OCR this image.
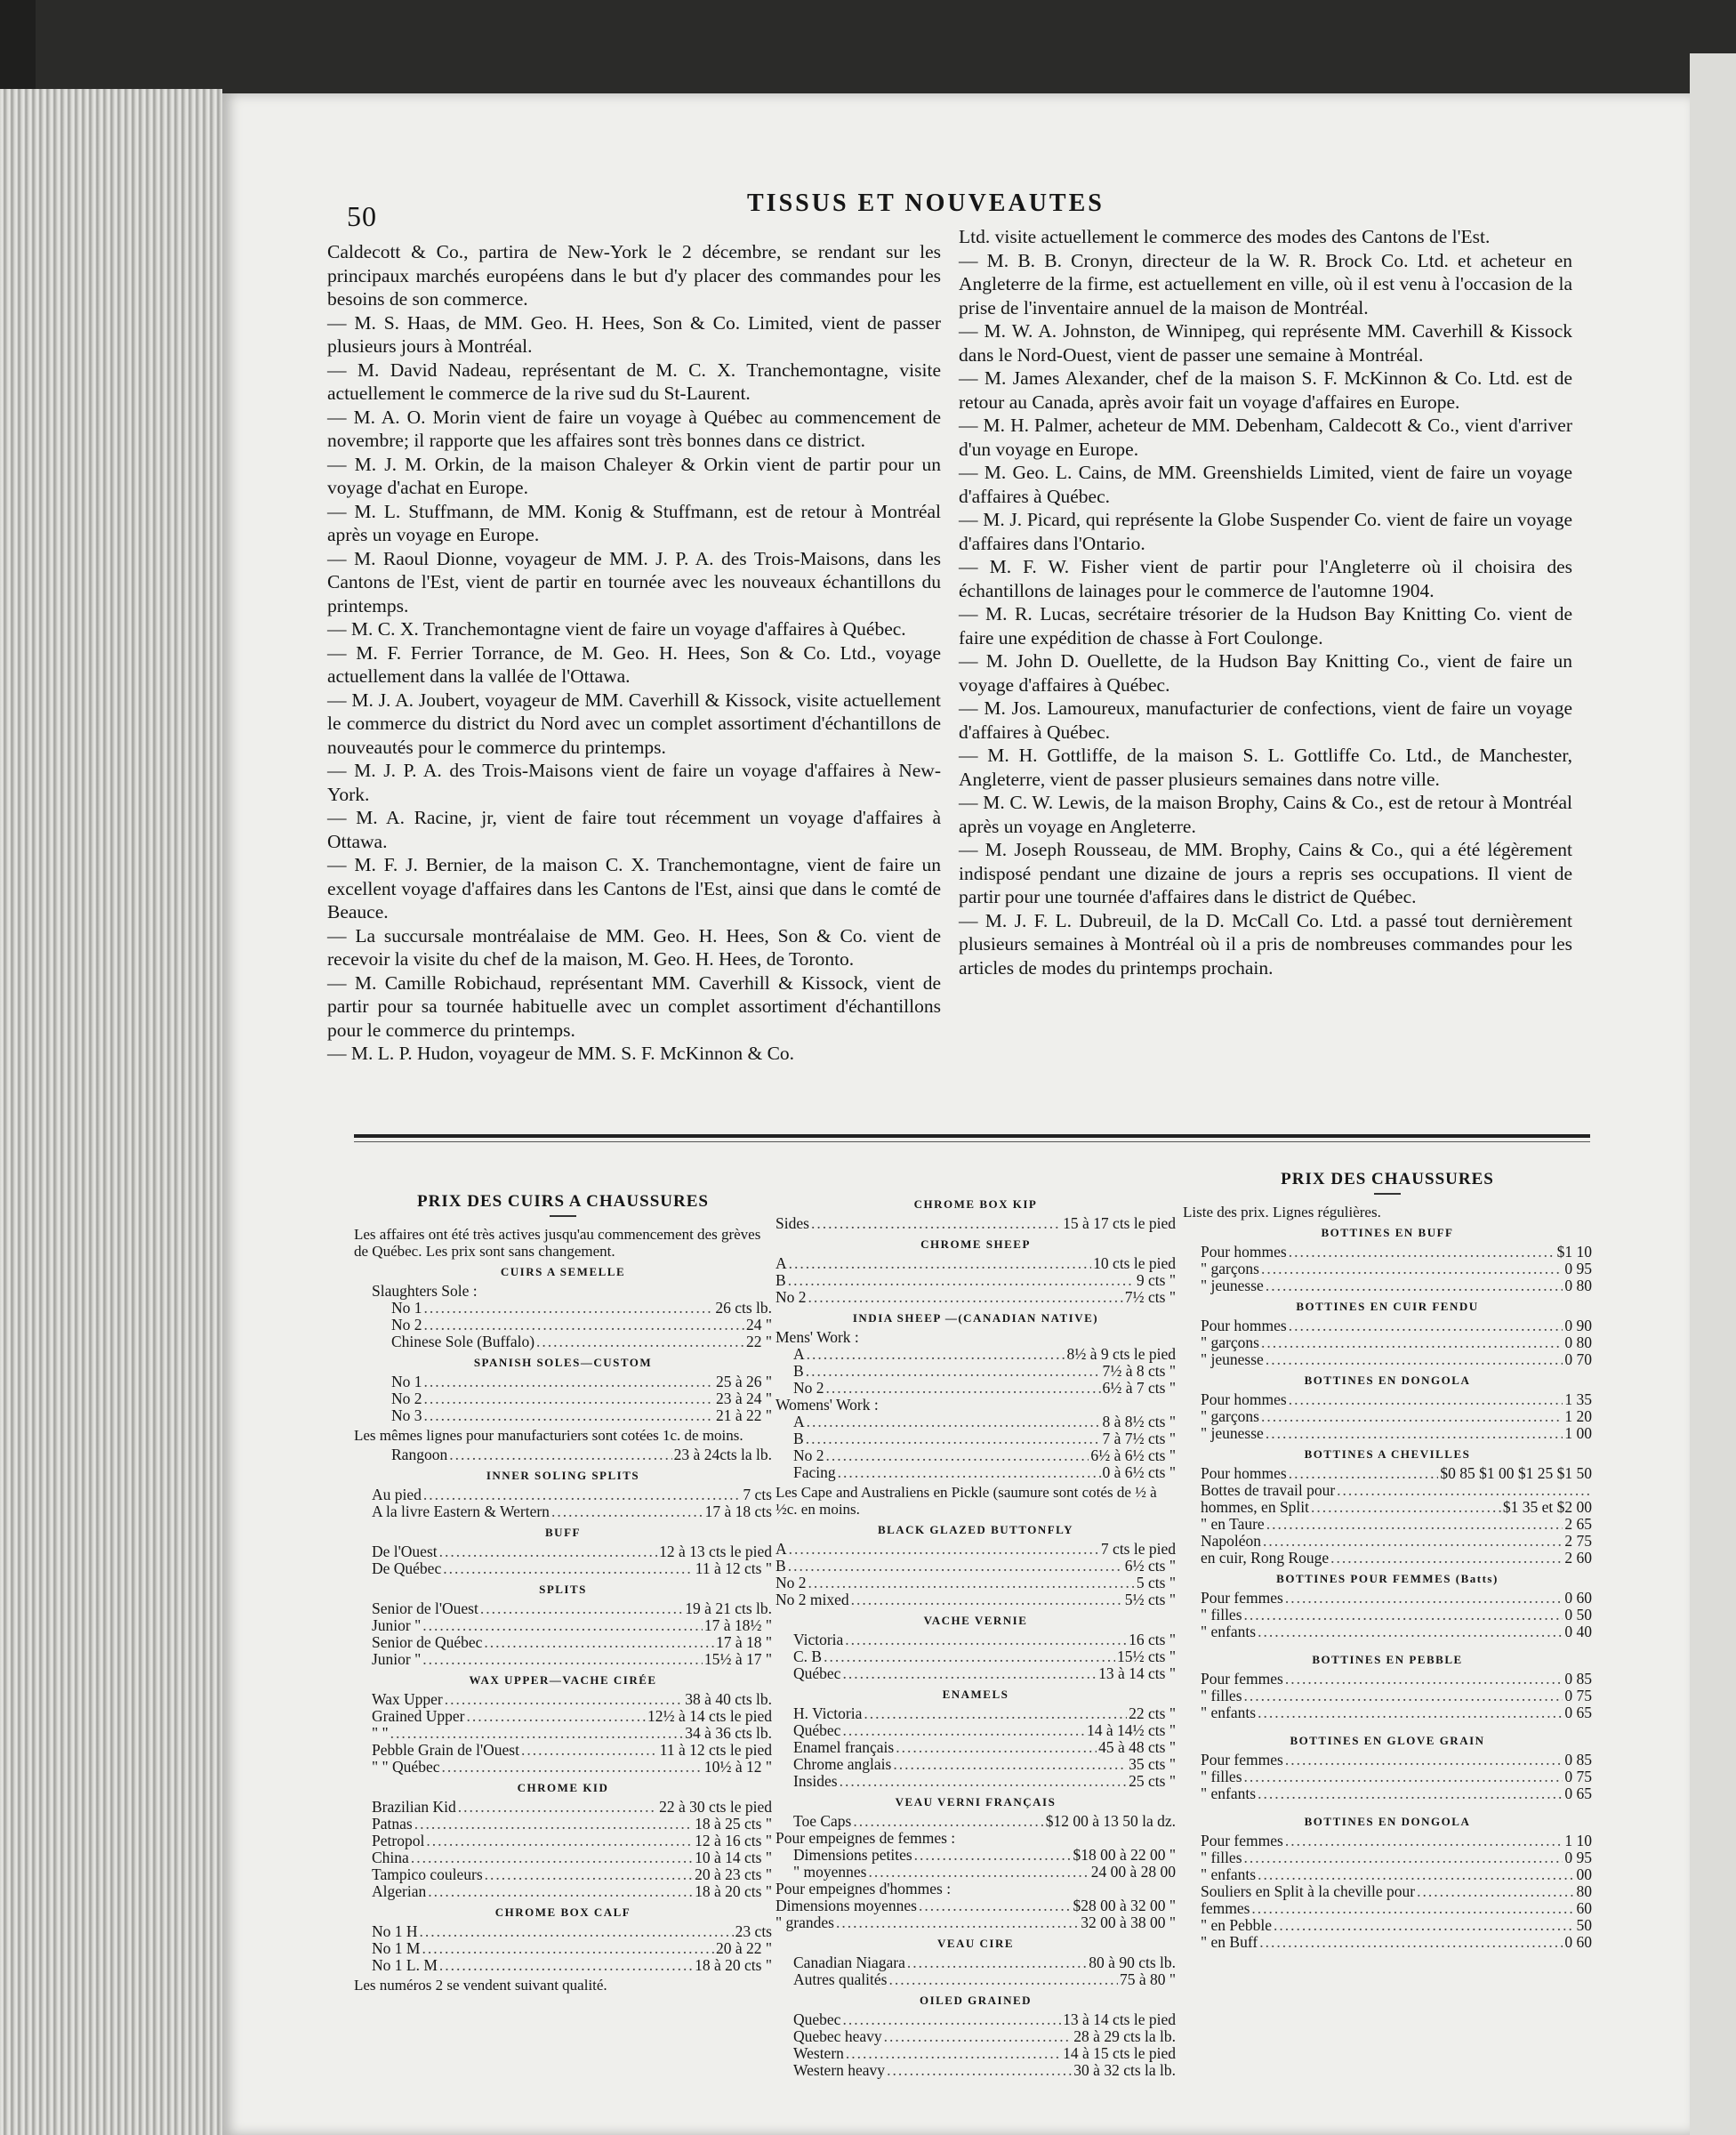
50	TISSUS ET NOUVEAUTES

Caldecott & Co., partira de New-York le 2 décembre, se rendant sur les principaux marchés européens dans le but d'y placer des commandes pour les besoins de son commerce.

— M. S. Haas, de MM. Geo. H. Hees, Son & Co. Limited, vient de passer plusieurs jours à Montréal.

— M. David Nadeau, représentant de M. C. X. Tranchemontagne, visite actuellement le commerce de la rive sud du St-Laurent.

— M. A. O. Morin vient de faire un voyage à Québec au commencement de novembre; il rapporte que les affaires sont très bonnes dans ce district.

— M. J. M. Orkin, de la maison Chaleyer & Orkin vient de partir pour un voyage d'achat en Europe.

— M. L. Stuffmann, de MM. Konig & Stuffmann, est de retour à Montréal après un voyage en Europe.

— M. Raoul Dionne, voyageur de MM. J. P. A. des Trois-Maisons, dans les Cantons de l'Est, vient de partir en tournée avec les nouveaux échantillons du printemps.

— M. C. X. Tranchemontagne vient de faire un voyage d'affaires à Québec.

— M. F. Ferrier Torrance, de M. Geo. H. Hees, Son & Co. Ltd., voyage actuellement dans la vallée de l'Ottawa.

— M. J. A. Joubert, voyageur de MM. Caverhill & Kissock, visite actuellement le commerce du district du Nord avec un complet assortiment d'échantillons de nouveautés pour le commerce du printemps.

— M. J. P. A. des Trois-Maisons vient de faire un voyage d'affaires à New-York.

— M. A. Racine, jr, vient de faire tout récemment un voyage d'affaires à Ottawa.

— M. F. J. Bernier, de la maison C. X. Tranchemontagne, vient de faire un excellent voyage d'affaires dans les Cantons de l'Est, ainsi que dans le comté de Beauce.

— La succursale montréalaise de MM. Geo. H. Hees, Son & Co. vient de recevoir la visite du chef de la maison, M. Geo. H. Hees, de Toronto.

— M. Camille Robichaud, représentant MM. Caverhill & Kissock, vient de partir pour sa tournée habituelle avec un complet assortiment d'échantillons pour le commerce du printemps.

— M. L. P. Hudon, voyageur de MM. S. F. McKinnon & Co.

Ltd. visite actuellement le commerce des modes des Cantons de l'Est.

— M. B. B. Cronyn, directeur de la W. R. Brock Co. Ltd. et acheteur en Angleterre de la firme, est actuellement en ville, où il est venu à l'occasion de la prise de l'inventaire annuel de la maison de Montréal.

— M. W. A. Johnston, de Winnipeg, qui représente MM. Caverhill & Kissock dans le Nord-Ouest, vient de passer une semaine à Montréal.

— M. James Alexander, chef de la maison S. F. McKinnon & Co. Ltd. est de retour au Canada, après avoir fait un voyage d'affaires en Europe.

— M. H. Palmer, acheteur de MM. Debenham, Caldecott & Co., vient d'arriver d'un voyage en Europe.

— M. Geo. L. Cains, de MM. Greenshields Limited, vient de faire un voyage d'affaires à Québec.

— M. J. Picard, qui représente la Globe Suspender Co. vient de faire un voyage d'affaires dans l'Ontario.

— M. F. W. Fisher vient de partir pour l'Angleterre où il choisira des échantillons de lainages pour le commerce de l'automne 1904.

— M. R. Lucas, secrétaire trésorier de la Hudson Bay Knitting Co. vient de faire une expédition de chasse à Fort Coulonge.

— M. John D. Ouellette, de la Hudson Bay Knitting Co., vient de faire un voyage d'affaires à Québec.

— M. Jos. Lamoureux, manufacturier de confections, vient de faire un voyage d'affaires à Québec.

— M. H. Gottliffe, de la maison S. L. Gottliffe Co. Ltd., de Manchester, Angleterre, vient de passer plusieurs semaines dans notre ville.

— M. C. W. Lewis, de la maison Brophy, Cains & Co., est de retour à Montréal après un voyage en Angleterre.

— M. Joseph Rousseau, de MM. Brophy, Cains & Co., qui a été légèrement indisposé pendant une dizaine de jours a repris ses occupations. Il vient de partir pour une tournée d'affaires dans le district de Québec.

— M. J. F. L. Dubreuil, de la D. McCall Co. Ltd. a passé tout dernièrement plusieurs semaines à Montréal où il a pris de nombreuses commandes pour les articles de modes du printemps prochain.

PRIX DES CUIRS A CHAUSSURES
Les affaires ont été très actives jusqu'au commencement des grèves de Québec. Les prix sont sans changement.
CUIRS A SEMELLE
Slaughters Sole :
No 1 .....	26 cts lb.
No 2 .....	24 "
Chinese Sole (Buffalo) .....	22 "
SPANISH SOLES—CUSTOM
No 1 .....	25 à 26 "
No 2 .....	23 à 24 "
No 3 .....	21 à 22 "
Les mêmes lignes pour manufacturiers sont cotées 1c. de moins.
Rangoon .....	23 à 24cts la lb.
INNER SOLING SPLITS
Au pied .....	7 cts
A la livre Eastern & Wertern .....	17 à 18 cts
BUFF
De l'Ouest .....	12 à 13 cts le pied
De Québec .....	11 à 12 cts "
SPLITS
Senior de l'Ouest .....	19 à 21 cts lb.
Junior " .....	17 à 18½ "
Senior de Québec .....	17 à 18 "
Junior " .....	15½ à 17 "
WAX UPPER—VACHE CIRÉE
Wax Upper .....	38 à 40 cts lb.
Grained Upper .....	12½ à 14 cts le pied
" " .....	34 à 36 cts lb.
Pebble Grain de l'Ouest .....	11 à 12 cts le pied
" " Québec .....	10½ à 12 "
CHROME KID
Brazilian Kid .....	22 à 30 cts le pied
Patnas .....	18 à 25 cts "
Petropol .....	12 à 16 cts "
China .....	10 à 14 cts "
Tampico couleurs .....	20 à 23 cts "
Algerian .....	18 à 20 cts "
CHROME BOX CALF
No 1 H .....	23 cts
No 1 M .....	20 à 22 "
No 1 L. M .....	18 à 20 cts "
Les numéros 2 se vendent suivant qualité.
CHROME BOX KIP
Sides .....	15 à 17 cts le pied
CHROME SHEEP
A .....	10 cts le pied
B .....	9 cts "
No 2 .....	7½ cts "
INDIA SHEEP —(CANADIAN NATIVE)
Mens' Work :
A .....	8½ à 9 cts le pied
B .....	7½ à 8 cts "
No 2 .....	6½ à 7 cts "
Womens' Work :
A .....	8 à 8½ cts "
B .....	7 à 7½ cts "
No 2 .....	6½ à 6½ cts "
Facing .....	0 à 6½ cts "
Les Cape and Australiens en Pickle (saumure sont cotés de ½ à ½c. en moins.
BLACK GLAZED BUTTONFLY
A .....	7 cts le pied
B .....	6½ cts "
No 2 .....	5 cts "
No 2 mixed .....	5½ cts "
VACHE VERNIE
Victoria .....	16 cts "
C. B .....	15½ cts "
Québec .....	13 à 14 cts "
ENAMELS
H. Victoria .....	22 cts "
Québec .....	14 à 14½ cts "
Enamel français .....	45 à 48 cts "
Chrome anglais .....	35 cts "
Insides .....	25 cts "
VEAU VERNI FRANÇAIS
Toe Caps .....	$12 00 à 13 50 la dz.
Pour empeignes de femmes :
Dimensions petites .....	$18 00 à 22 00 "
" moyennes .....	24 00 à 28 00
Pour empeignes d'hommes :
Dimensions moyennes .....	$28 00 à 32 00 "
" grandes .....	32 00 à 38 00 "
VEAU CIRE
Canadian Niagara .....	80 à 90 cts lb.
Autres qualités .....	75 à 80 "
OILED GRAINED
Quebec .....	13 à 14 cts le pied
Quebec heavy .....	28 à 29 cts la lb.
Western .....	14 à 15 cts le pied
Western heavy .....	30 à 32 cts la lb.
PRIX DES CHAUSSURES
Liste des prix. Lignes régulières.
BOTTINES EN BUFF
Pour hommes .....	$1 10
" garçons .....	0 95
" jeunesse .....	0 80
BOTTINES EN CUIR FENDU
Pour hommes .....	0 90
" garçons .....	0 80
" jeunesse .....	0 70
BOTTINES EN DONGOLA
Pour hommes .....	1 35
" garçons .....	1 20
" jeunesse .....	1 00
BOTTINES A CHEVILLES
Pour hommes .....	$0 85 $1 00 $1 25 $1 50
Bottes de travail pour
.....
hommes, en Split .....	$1 35 et $2 00
" en Taure .....	2 65
Napoléon .....	2 75
en cuir, Rong Rouge .....	2 60
BOTTINES POUR FEMMES (Batts)
Pour femmes .....	0 60
" filles .....	0 50
" enfants .....	0 40
BOTTINES EN PEBBLE
Pour femmes .....	0 85
" filles .....	0 75
" enfants .....	0 65
BOTTINES EN GLOVE GRAIN
Pour femmes .....	0 85
" filles .....	0 75
" enfants .....	0 65
BOTTINES EN DONGOLA
Pour femmes .....	1 10
" filles .....	0 95
" enfants .....	00
Souliers en Split à la cheville pour .....	80
femmes .....	60
" en Pebble .....	50
" en Buff .....	0 60
